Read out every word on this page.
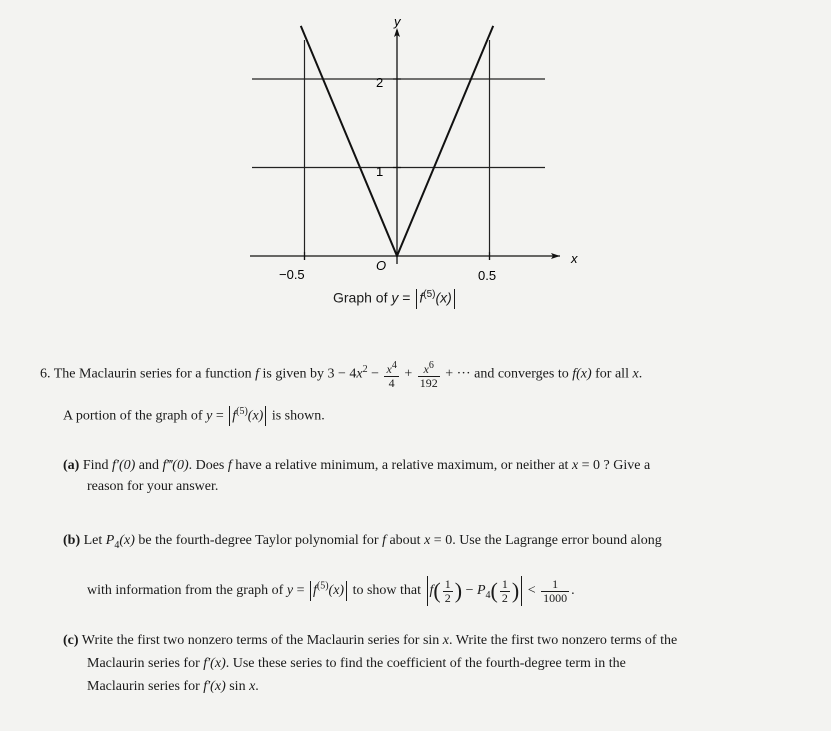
y
x
−0.5
O
0.5
1
2
Graph of $y = f^{(5)}(x)$
6. The Maclaurin series for a function f is given by $3 - 4x^2 - \frac{x^4}{4} + \frac{x^6}{192}$ + ··· and converges to f(x) for all x.
A portion of the graph of $y = f^{(5)}(x)$ is shown.
(a) Find f′(0) and f‴(0). Does f have a relative minimum, a relative maximum, or neither at x = 0 ? Give a
reason for your answer.
(b) Let $P_4(x)$ be the fourth-degree Taylor polynomial for f about x = 0. Use the Lagrange error bound along
with information from the graph of $y = f^{(5)}(x)$ to show that $f( \frac{1}{2}$ ) − $P_4( \frac{1}{2}$ ) < $\frac{1}{1000}$ .
(c) Write the first two nonzero terms of the Maclaurin series for sin x. Write the first two nonzero terms of the
Maclaurin series for f′(x). Use these series to find the coefficient of the fourth-degree term in the
Maclaurin series for f′(x) sin x.
